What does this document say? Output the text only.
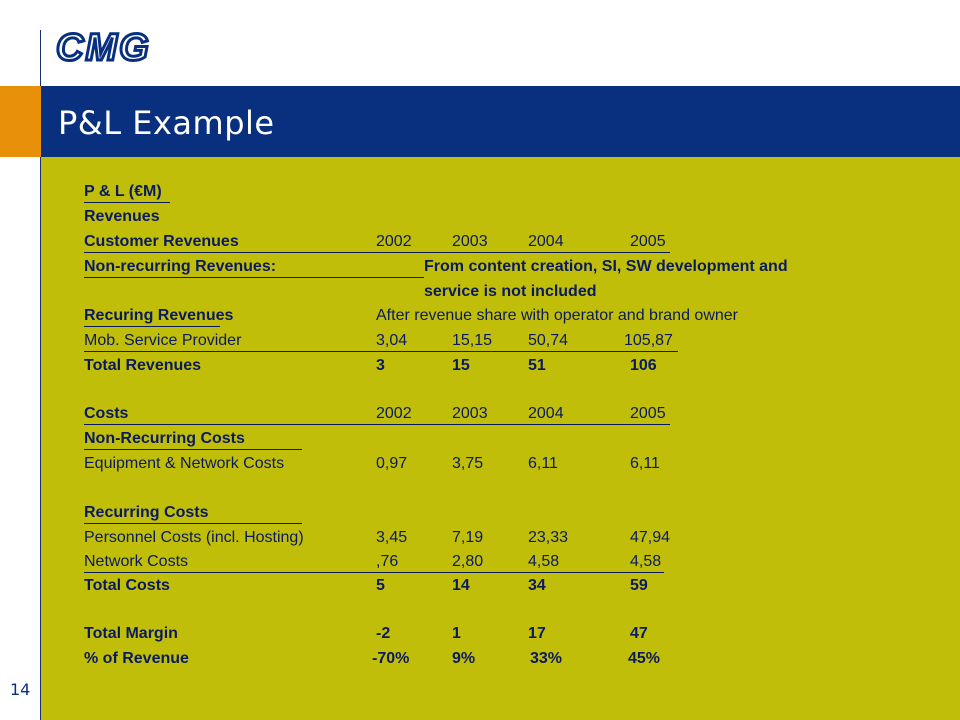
CMG
P&L Example
P & L (€M)
Revenues
Customer Revenues	2002	2003	2004	2005
Non-recurring Revenues:	From content creation, SI, SW development and
service is not included
Recuring Revenues	After revenue share with operator and brand owner
Mob. Service Provider	3,04	15,15 50,74	105,87
Total Revenues	3	15	51	106
Costs	2002	2003	2004	2005
Non-Recurring Costs
Equipment & Network Costs	0,97	3,75	6,11	6,11
Recurring Costs
Personnel Costs (incl. Hosting)	3,45	7,19	23,33	47,94
Network Costs	,76	2,80	4,58	4,58
Total Costs	5	14	34	59
Total Margin	-2	1	17	47
% of Revenue	-70%	9%	33%	45%
14
